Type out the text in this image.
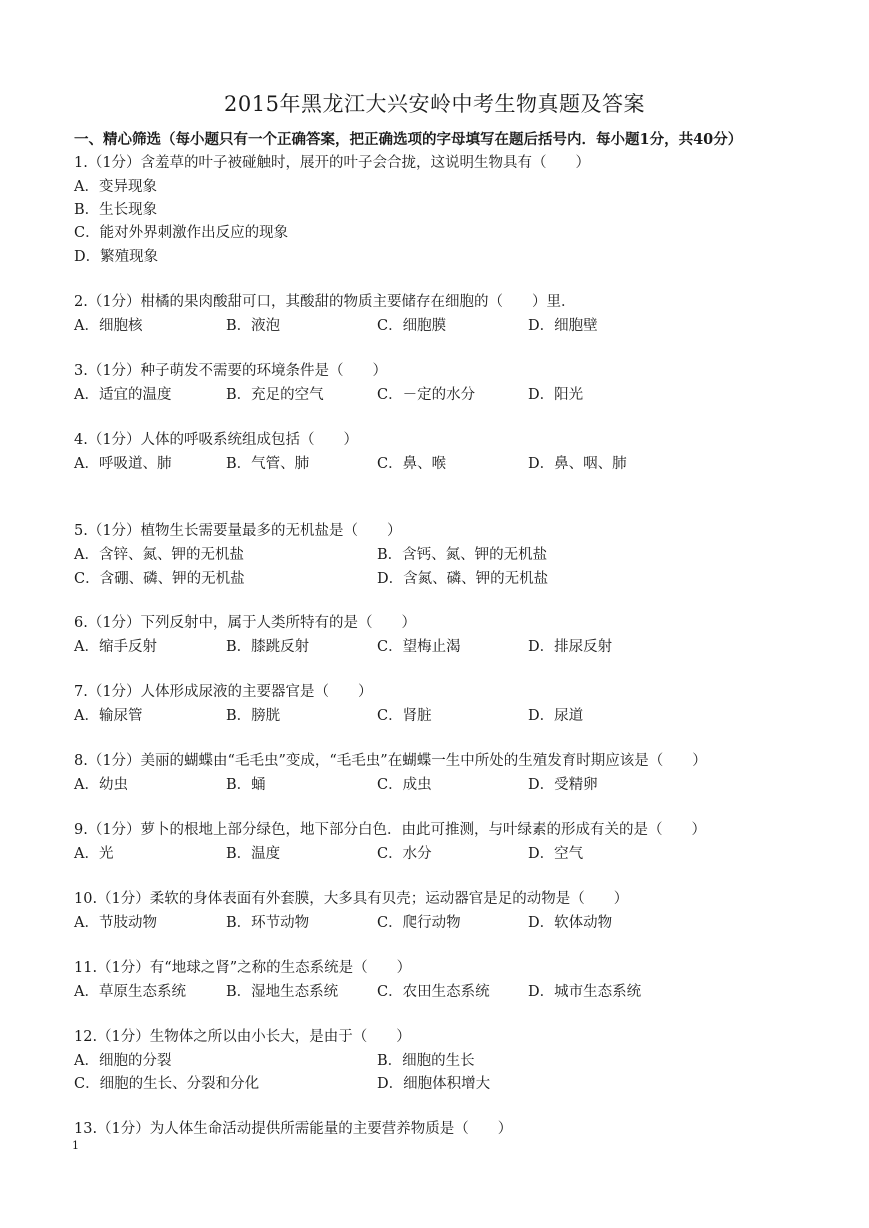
2015年黑龙江大兴安岭中考生物真题及答案
一、精心筛选（每小题只有一个正确答案，把正确选项的字母填写在题后括号内．每小题1分，共40分）
1.（1分）含羞草的叶子被碰触时，展开的叶子会合拢，这说明生物具有（　　）
A．变异现象
B．生长现象
C．能对外界刺激作出反应的现象
D．繁殖现象
2.（1分）柑橘的果肉酸甜可口，其酸甜的物质主要储存在细胞的（　　）里．
A．细胞核	B．液泡	C．细胞膜	D．细胞壁
3.（1分）种子萌发不需要的环境条件是（　　）
A．适宜的温度	B．充足的空气	C．－定的水分	D．阳光
4.（1分）人体的呼吸系统组成包括（　　）
A．呼吸道、肺	B．气管、肺	C．鼻、喉	D．鼻、咽、肺
5.（1分）植物生长需要量最多的无机盐是（　　）
A．含锌、氮、钾的无机盐	B．含钙、氮、钾的无机盐
C．含硼、磷、钾的无机盐	D．含氮、磷、钾的无机盐
6.（1分）下列反射中，属于人类所特有的是（　　）
A．缩手反射	B．膝跳反射	C．望梅止渴	D．排尿反射
7.（1分）人体形成尿液的主要器官是（　　）
A．输尿管	B．膀胱	C．肾脏	D．尿道
8.（1分）美丽的蝴蝶由“毛毛虫”变成，“毛毛虫”在蝴蝶一生中所处的生殖发育时期应该是（　　）
A．幼虫	B．蛹	C．成虫	D．受精卵
9.（1分）萝卜的根地上部分绿色，地下部分白色．由此可推测，与叶绿素的形成有关的是（　　）
A．光	B．温度	C．水分	D．空气
10.（1分）柔软的身体表面有外套膜，大多具有贝壳；运动器官是足的动物是（　　）
A．节肢动物	B．环节动物	C．爬行动物	D．软体动物
11.（1分）有“地球之肾”之称的生态系统是（　　）
A．草原生态系统	B．湿地生态系统	C．农田生态系统	D．城市生态系统
12.（1分）生物体之所以由小长大，是由于（　　）
A．细胞的分裂	B．细胞的生长
C．细胞的生长、分裂和分化	D．细胞体积增大
13.（1分）为人体生命活动提供所需能量的主要营养物质是（　　）
1
